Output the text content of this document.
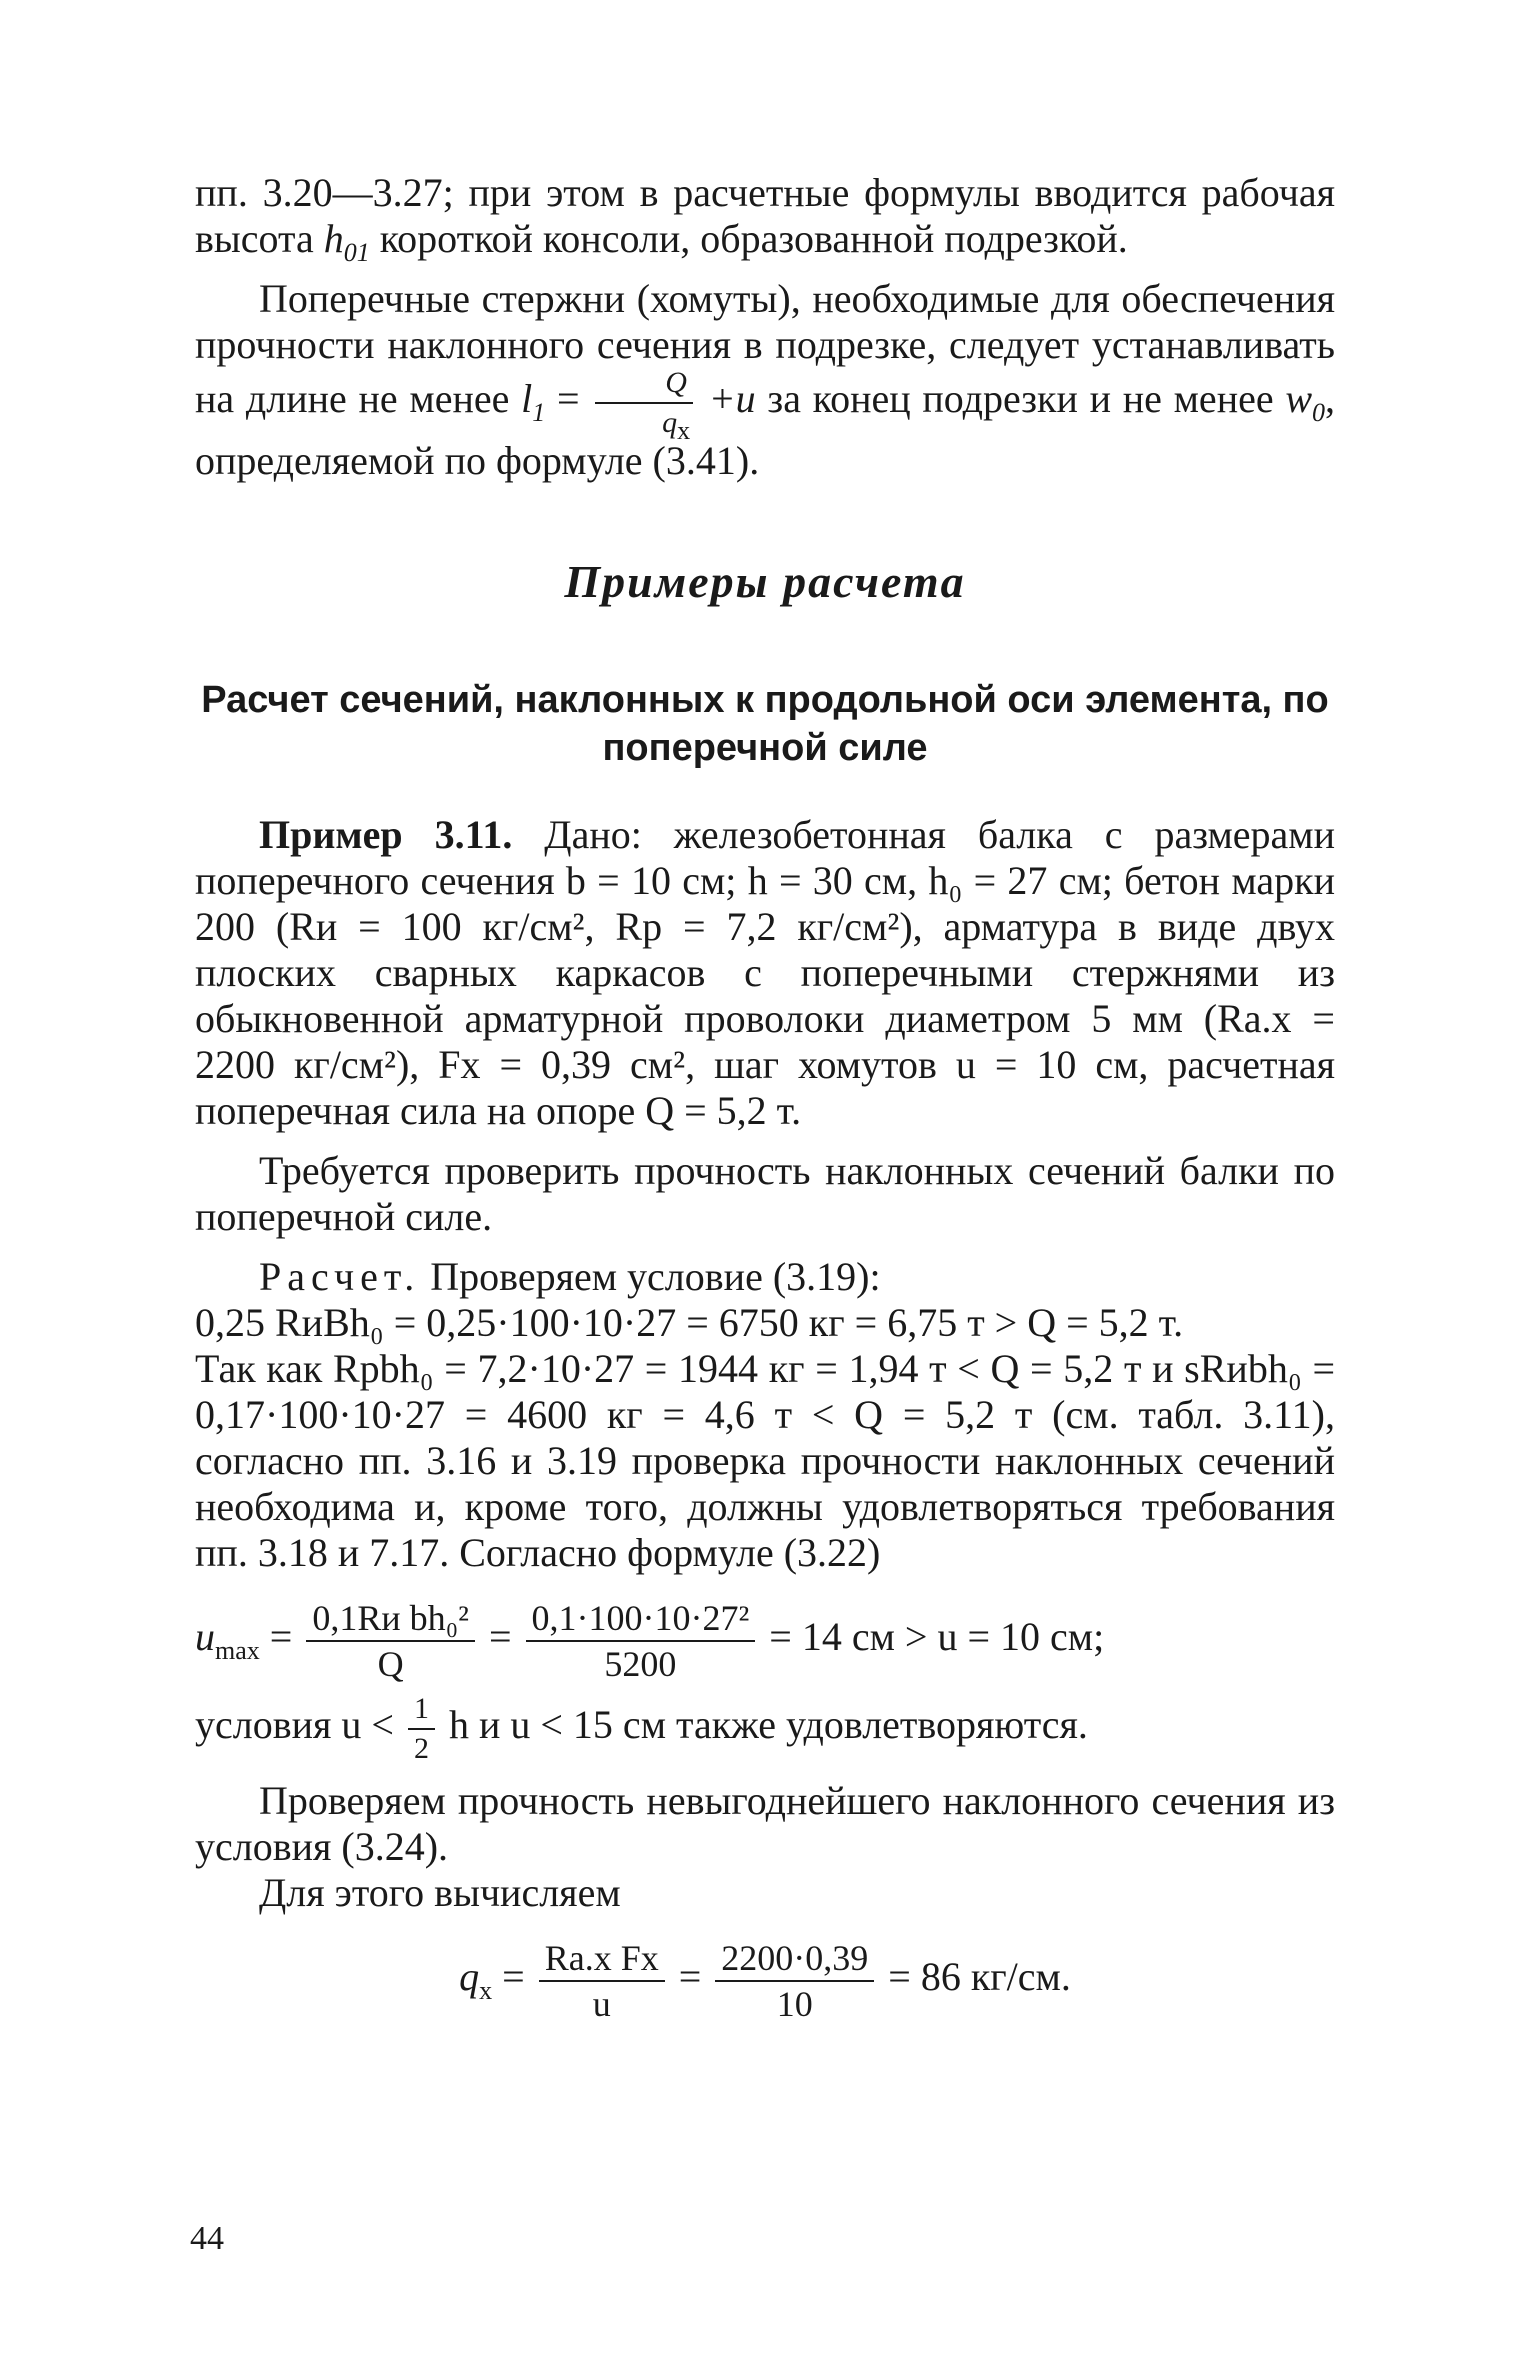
пп. 3.20—3.27; при этом в расчетные формулы вводится рабочая высота $h_{01}$ короткой консоли, образованной подрезкой.

Поперечные стержни (хомуты), необходимые для обеспечения прочности наклонного сечения в подрезке, следует устанавливать на длине не менее $l_1 = \frac{Q}{q_x} +u$ за конец подрезки и не менее $w_0$, определяемой по формуле (3.41).

Примеры расчета
Расчет сечений, наклонных к продольной оси элемента, по поперечной силе

Пример 3.11. Дано: железобетонная балка с размерами поперечного сечения b = 10 см; h = 30 см, h₀ = 27 см; бетон марки 200 (Rи = 100 кг/см², Rр = 7,2 кг/см²), арматура в виде двух плоских сварных каркасов с поперечными стержнями из обыкновенной арматурной проволоки диаметром 5 мм (Rа.х = 2200 кг/см²), Fх = 0,39 см², шаг хомутов u = 10 см, расчетная поперечная сила на опоре Q = 5,2 т.

Требуется проверить прочность наклонных сечений балки по поперечной силе.

Расчет. Проверяем условие (3.19):

0,25 RиBh₀ = 0,25·100·10·27 = 6750 кг = 6,75 т > Q = 5,2 т.

Так как Rрbh₀ = 7,2·10·27 = 1944 кг = 1,94 т < Q = 5,2 т и sRиbh₀ = 0,17·100·10·27 = 4600 кг = 4,6 т < Q = 5,2 т (см. табл. 3.11), согласно пп. 3.16 и 3.19 проверка прочности наклонных сечений необходима и, кроме того, должны удовлетворяться требования пп. 3.18 и 7.17. Согласно формуле (3.22)

$u_{max} = \frac{\text{0,1Rи bh₀²}}{Q} = \frac{\text{0,1·100·10·27²}}{5200} = 14$ см > u = 10 см;

условия $u < \frac{1}{2}$ h и u < 15 см также удовлетворяются.

Проверяем прочность невыгоднейшего наклонного сечения из условия (3.24).

Для этого вычисляем

$q_x = \frac{\text{Rа.х Fх}}{u} = \frac{2200\cdot 0,39}{10} = 86$ кг/см.
44
